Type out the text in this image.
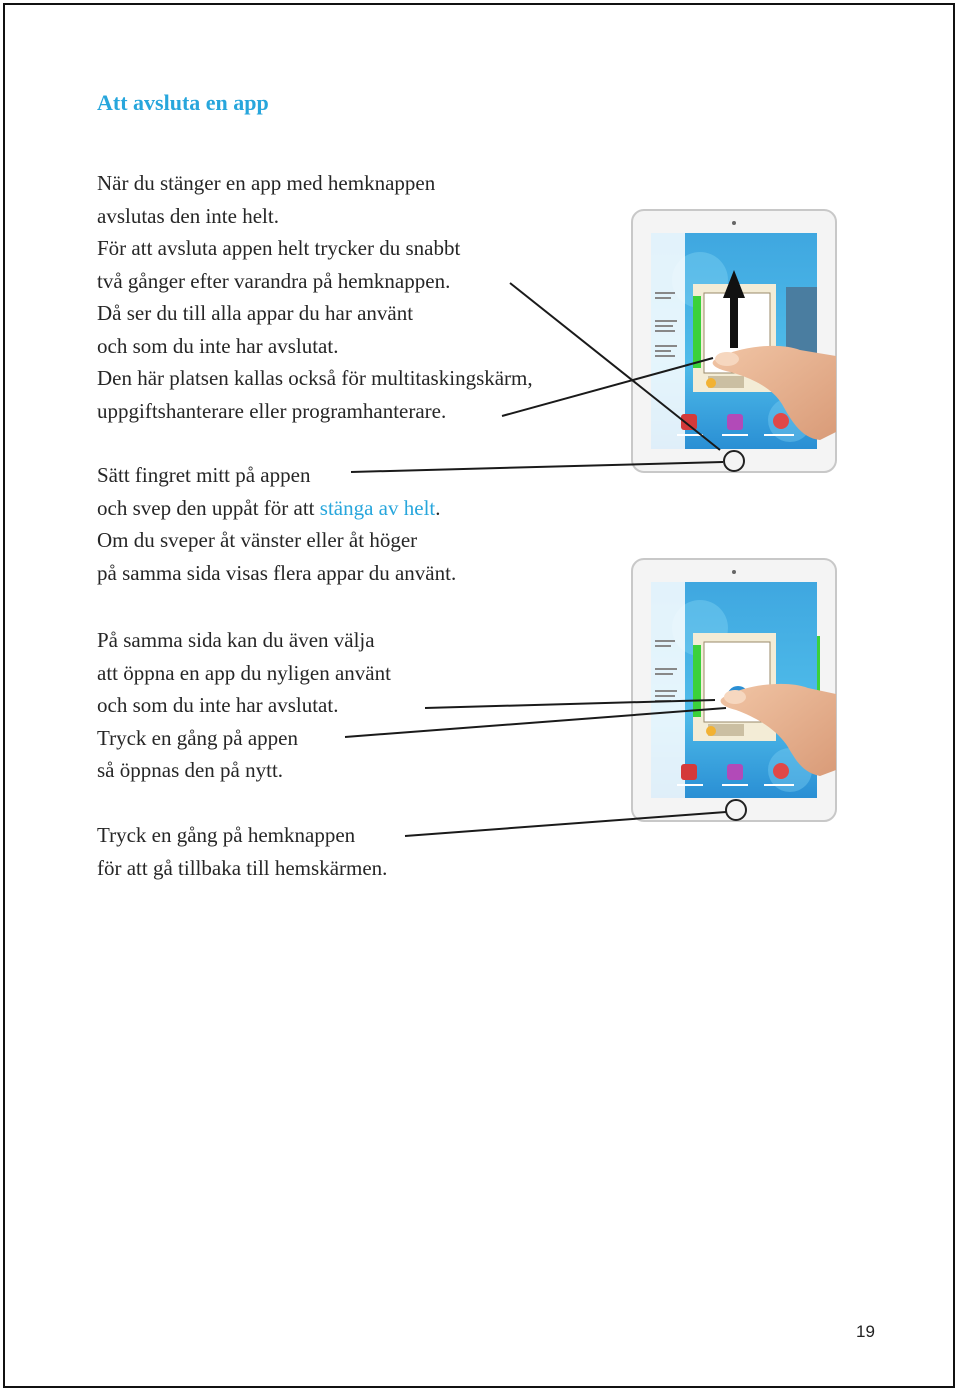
Att avsluta en app

När du stänger en app med hemknappen
avslutas den inte helt.
För att avsluta appen helt trycker du snabbt
två gånger efter varandra på hemknappen.
Då ser du till alla appar du har använt
och som du inte har avslutat.
Den här platsen kallas också för multitaskingskärm,
uppgiftshanterare eller programhanterare.

Sätt fingret mitt på appen
och svep den uppåt för att stänga av helt.
Om du sveper åt vänster eller åt höger
på samma sida visas flera appar du använt.

På samma sida kan du även välja
att öppna en app du nyligen använt
och som du inte har avslutat.
Tryck en gång på appen
så öppnas den på nytt.

Tryck en gång på hemknappen
för att gå tillbaka till hemskärmen.

19
